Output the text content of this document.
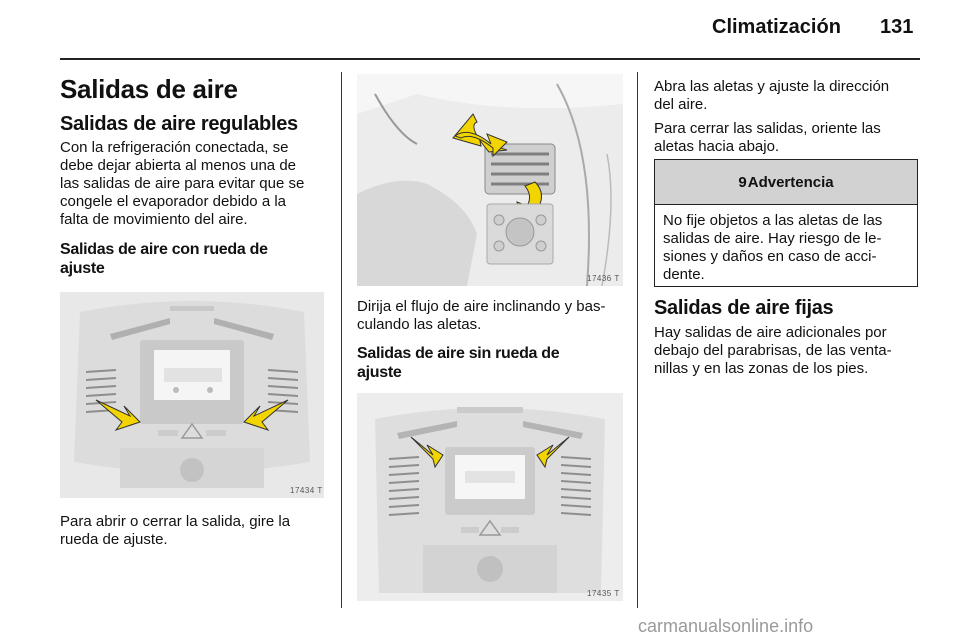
Climatización 131
Salidas de aire
Salidas de aire regulables
Con la refrigeración conectada, se
debe dejar abierta al menos una de
las salidas de aire para evitar que se
congele el evaporador debido a la
falta de movimiento del aire.
Salidas de aire con rueda de
ajuste
17434 T
Para abrir o cerrar la salida, gire la
rueda de ajuste.
17436 T
Dirija el flujo de aire inclinando y bas-
culando las aletas.
Salidas de aire sin rueda de
ajuste
17435 T
Abra las aletas y ajuste la dirección
del aire.
Para cerrar las salidas, oriente las
aletas hacia abajo.
9 Advertencia
No fije objetos a las aletas de las
salidas de aire. Hay riesgo de le-
siones y daños en caso de acci-
dente.
Salidas de aire fijas
Hay salidas de aire adicionales por
debajo del parabrisas, de las venta-
nillas y en las zonas de los pies.
carmanualsonline.info
